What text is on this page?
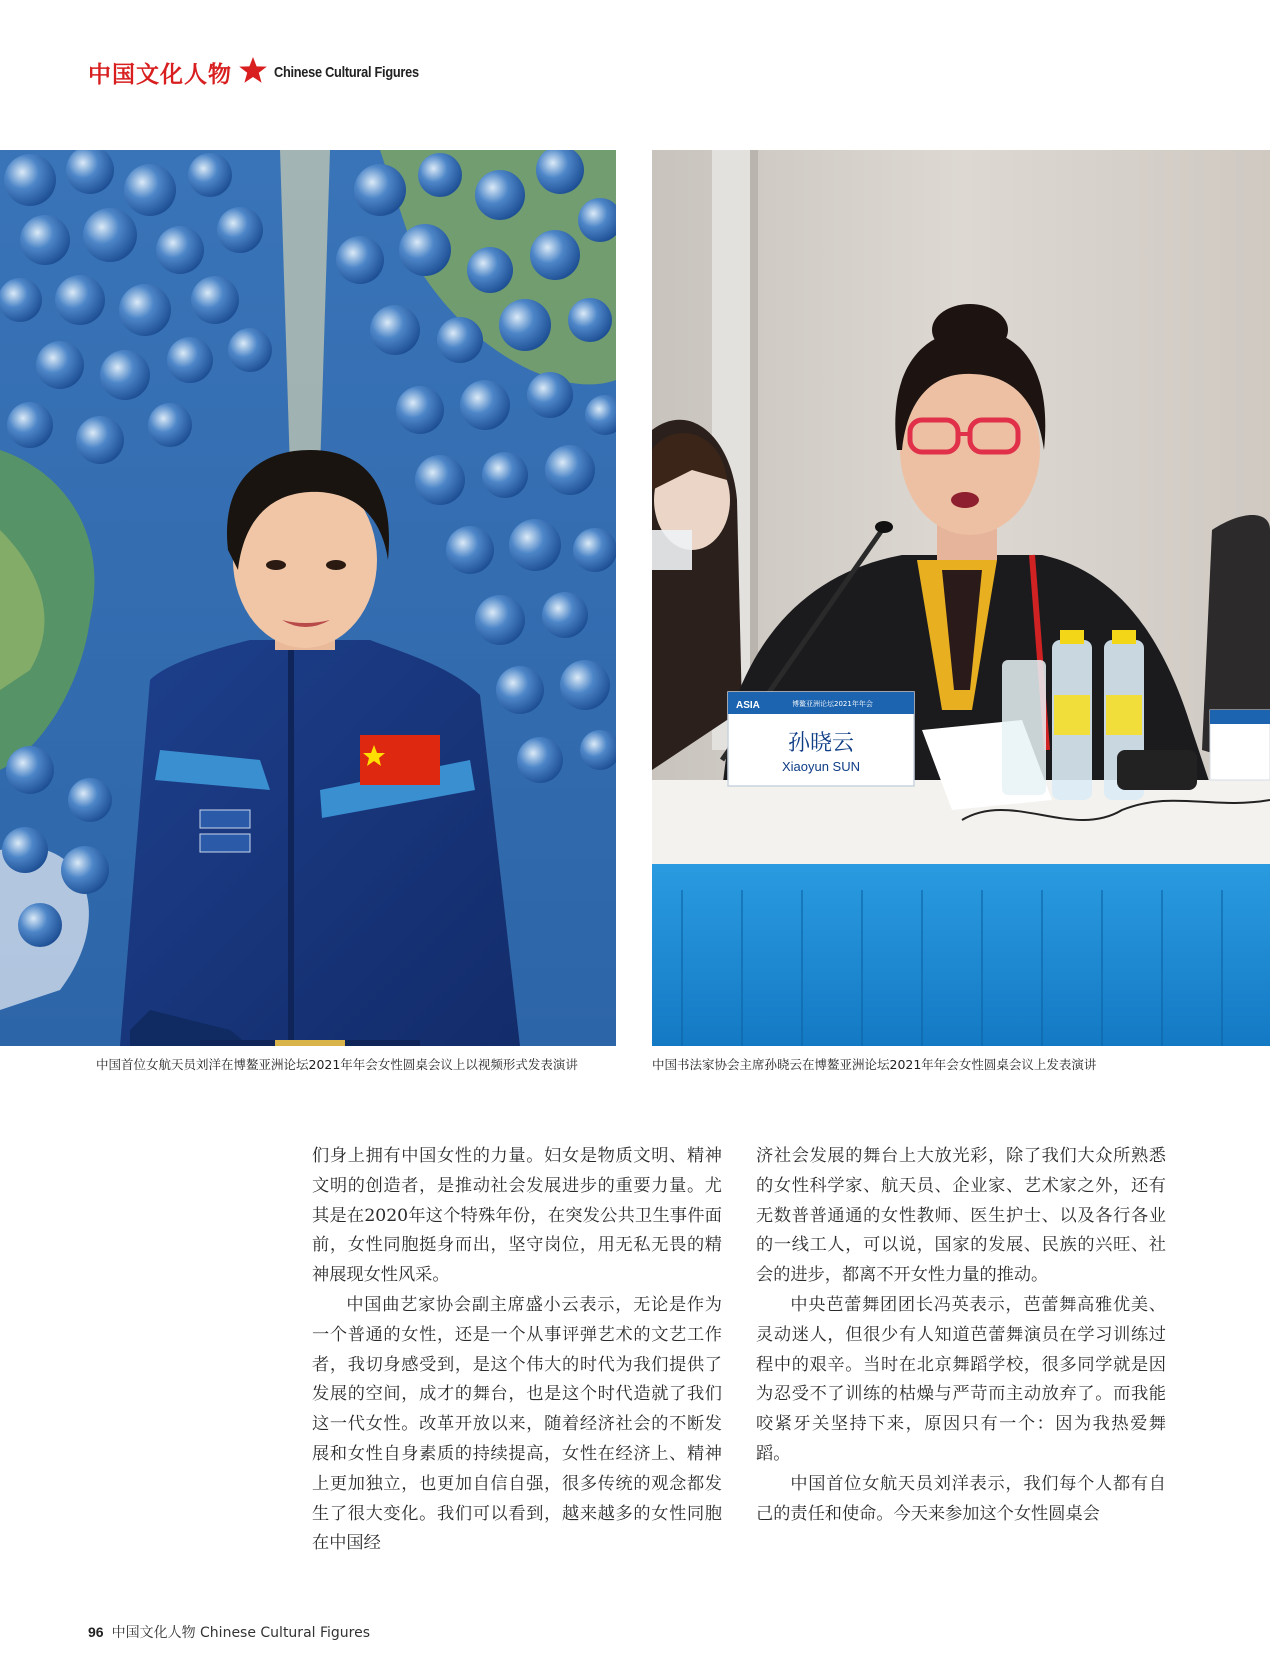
中国文化人物	Chinese Cultural Figures
ASIA	博鳌亚洲论坛2021年年会
孙晓云
Xiaoyun SUN
中国首位女航天员刘洋在博鳌亚洲论坛2021年年会女性圆桌会议上以视频形式发表演讲	中国书法家协会主席孙晓云在博鳌亚洲论坛2021年年会女性圆桌会议上发表演讲

们身上拥有中国女性的力量。妇女是物质文明、精神文明的创造者，是推动社会发展进步的重要力量。尤其是在2020年这个特殊年份，在突发公共卫生事件面前，女性同胞挺身而出，坚守岗位，用无私无畏的精神展现女性风采。

中国曲艺家协会副主席盛小云表示，无论是作为一个普通的女性，还是一个从事评弹艺术的文艺工作者，我切身感受到，是这个伟大的时代为我们提供了发展的空间，成才的舞台，也是这个时代造就了我们这一代女性。改革开放以来，随着经济社会的不断发展和女性自身素质的持续提高，女性在经济上、精神上更加独立，也更加自信自强，很多传统的观念都发生了很大变化。我们可以看到，越来越多的女性同胞在中国经

济社会发展的舞台上大放光彩，除了我们大众所熟悉的女性科学家、航天员、企业家、艺术家之外，还有无数普普通通的女性教师、医生护士、以及各行各业的一线工人，可以说，国家的发展、民族的兴旺、社会的进步，都离不开女性力量的推动。

中央芭蕾舞团团长冯英表示，芭蕾舞高雅优美、灵动迷人，但很少有人知道芭蕾舞演员在学习训练过程中的艰辛。当时在北京舞蹈学校，很多同学就是因为忍受不了训练的枯燥与严苛而主动放弃了。而我能咬紧牙关坚持下来，原因只有一个：因为我热爱舞蹈。

中国首位女航天员刘洋表示，我们每个人都有自己的责任和使命。今天来参加这个女性圆桌会

96 中国文化人物 Chinese Cultural Figures
